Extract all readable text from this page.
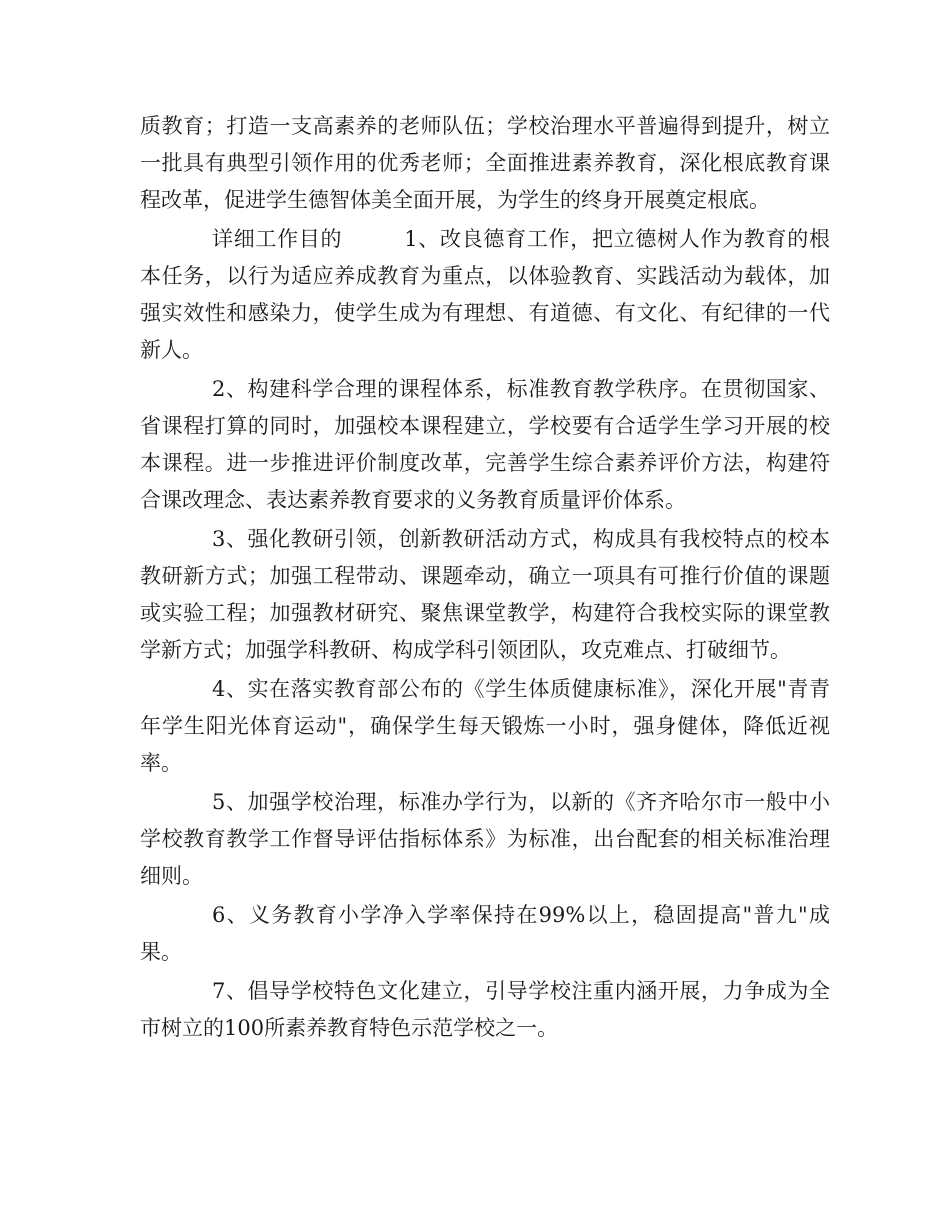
质教育；打造一支高素养的老师队伍；学校治理水平普遍得到提升，树立一批具有典型引领作用的优秀老师；全面推进素养教育，深化根底教育课程改革，促进学生德智体美全面开展，为学生的终身开展奠定根底。

详细工作目的	1、改良德育工作，把立德树人作为教育的根本任务，以行为适应养成教育为重点，以体验教育、实践活动为载体，加强实效性和感染力，使学生成为有理想、有道德、有文化、有纪律的一代新人。

2、构建科学合理的课程体系，标准教育教学秩序。在贯彻国家、省课程打算的同时，加强校本课程建立，学校要有合适学生学习开展的校本课程。进一步推进评价制度改革，完善学生综合素养评价方法，构建符合课改理念、表达素养教育要求的义务教育质量评价体系。

3、强化教研引领，创新教研活动方式，构成具有我校特点的校本教研新方式；加强工程带动、课题牵动，确立一项具有可推行价值的课题或实验工程；加强教材研究、聚焦课堂教学，构建符合我校实际的课堂教学新方式；加强学科教研、构成学科引领团队，攻克难点、打破细节。

4、实在落实教育部公布的《学生体质健康标准》，深化开展"青青年学生阳光体育运动"，确保学生每天锻炼一小时，强身健体，降低近视率。

5、加强学校治理，标准办学行为，以新的《齐齐哈尔市一般中小学校教育教学工作督导评估指标体系》为标准，出台配套的相关标准治理细则。

6、义务教育小学净入学率保持在99%以上，稳固提高"普九"成果。

7、倡导学校特色文化建立，引导学校注重内涵开展，力争成为全市树立的100所素养教育特色示范学校之一。
